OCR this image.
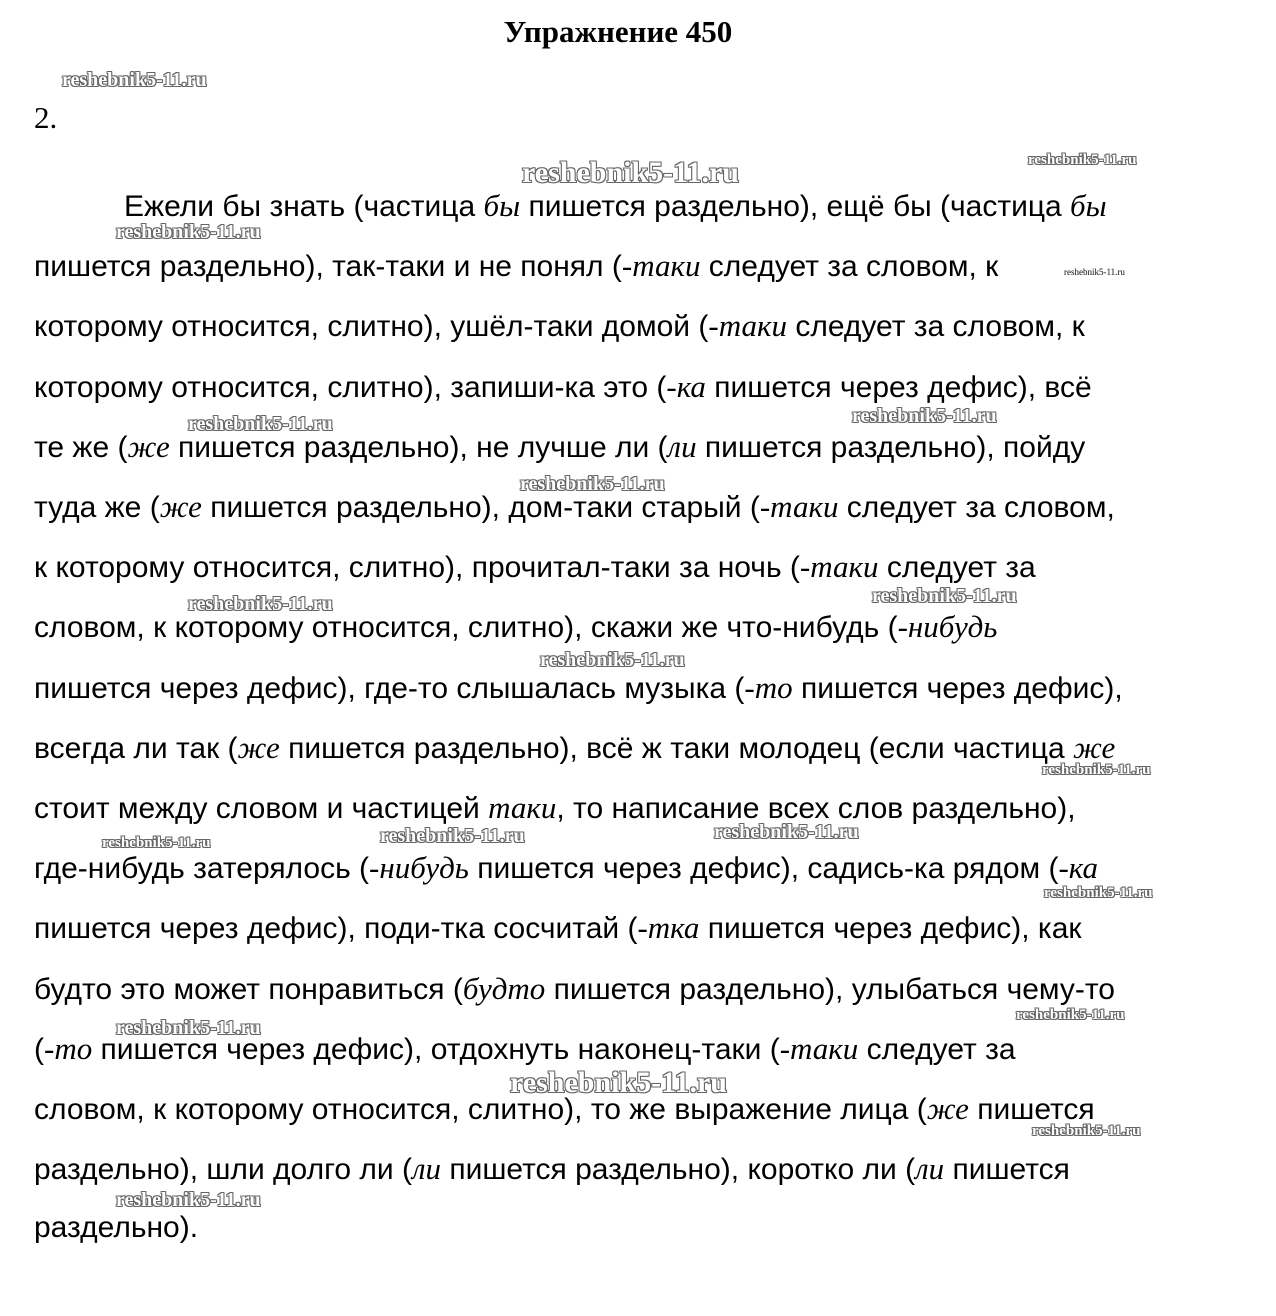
Упражнение 450
2.
Ежели бы знать (частица бы пишется раздельно), ещё бы (частица бы
пишется раздельно), так-таки и не понял (-таки следует за словом, к
которому относится, слитно), ушёл-таки домой (-таки следует за словом, к
которому относится, слитно), запиши-ка это (-ка пишется через дефис), всё
те же (же пишется раздельно), не лучше ли (ли пишется раздельно), пойду
туда же (же пишется раздельно), дом-таки старый (-таки следует за словом,
к которому относится, слитно), прочитал-таки за ночь (-таки следует за
словом, к которому относится, слитно), скажи же что-нибудь (-нибудь
пишется через дефис), где-то слышалась музыка (-то пишется через дефис),
всегда ли так (же пишется раздельно), всё ж таки молодец (если частица же
стоит между словом и частицей таки, то написание всех слов раздельно),
где-нибудь затерялось (-нибудь пишется через дефис), садись-ка рядом (-ка
пишется через дефис), поди-тка сосчитай (-тка пишется через дефис), как
будто это может понравиться (будто пишется раздельно), улыбаться чему-то
(-то пишется через дефис), отдохнуть наконец-таки (-таки следует за
словом, к которому относится, слитно), то же выражение лица (же пишется
раздельно), шли долго ли (ли пишется раздельно), коротко ли (ли пишется
раздельно).
reshebnik5-11.ru
reshebnik5-11.ru	reshebnik5-11.ru
reshebnik5-11.ru
reshebnik5-11.ru
reshebnik5-11.ru	reshebnik5-11.ru
reshebnik5-11.ru
reshebnik5-11.ru	reshebnik5-11.ru
reshebnik5-11.ru
reshebnik5-11.ru
reshebnik5-11.ru	reshebnik5-11.ru	reshebnik5-11.ru
reshebnik5-11.ru
reshebnik5-11.ru
reshebnik5-11.ru
reshebnik5-11.ru
reshebnik5-11.ru
reshebnik5-11.ru
